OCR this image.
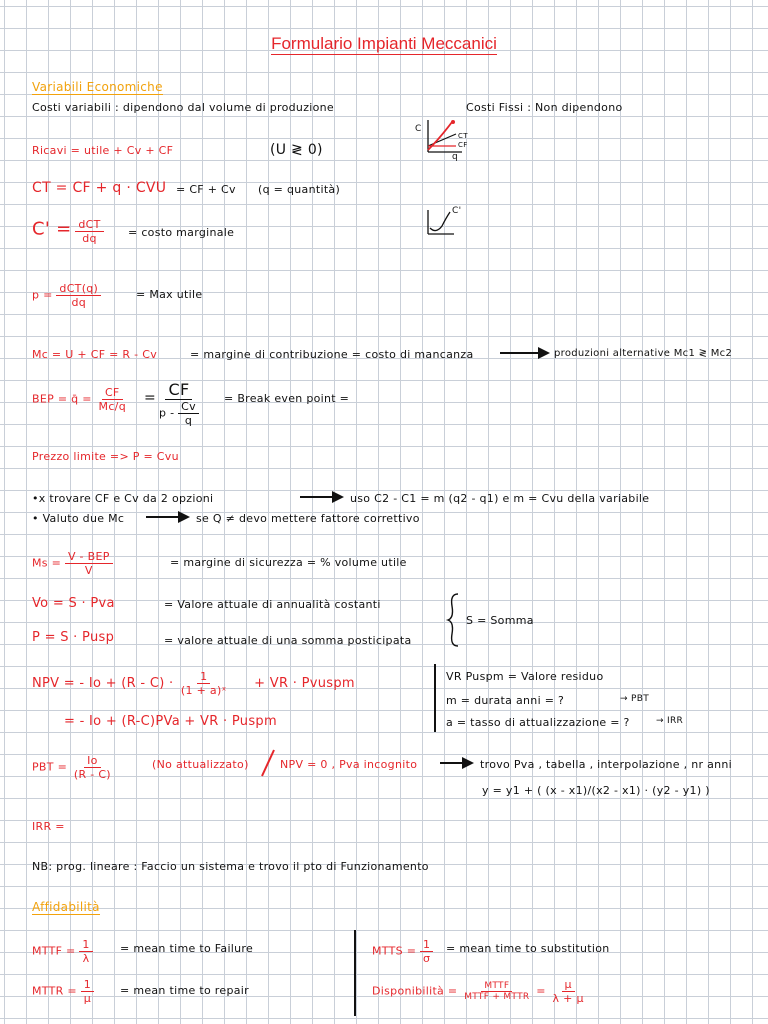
Formulario Impianti Meccanici
Variabili Economiche
Costi variabili : dipendono dal volume di produzione	Costi Fissi : Non dipendono
Ricavi = utile + Cv + CF	(U ≷ 0)
C
q
CT
CF
CT = CF + q · CVU = CF + Cv (q = quantità)
$C' = \frac{\text{dCT}}{dq}$ = costo marginale
C'
$p = \frac{\text{dCT(q)}}{dq}$	= Max utile
Mc = U + CF = R - Cv	= margine di contribuzione = costo di mancanza	produzioni alternative Mc1 ≷ Mc2
BEP = q̄ = $\frac{CF}{Mc/q} = \frac{CF}{p - \frac{Cv}{q}}$ = Break even point =
Prezzo limite => P = Cvu
•x trovare CF e Cv da 2 opzioni	uso C2 - C1 = m (q2 - q1) e m = Cvu della variabile
• Valuto due Mc	se Q ≠ devo mettere fattore correttivo
$Ms = \frac{\text{V - BEP}}{V}$	= margine di sicurezza = % volume utile
Vo = S · Pva	= Valore attuale di annualità costanti
P = S · Pusp	= valore attuale di una somma posticipata
S = Somma
NPV = - $Io + (R - C) \cdot \frac{1}{\text{(1 + a)ˣ}}$ + VR · Pvuspm
= - Io + (R-C)PVa + VR · Puspm
VR Puspm = Valore residuo
m = durata anni = ?	→ PBT
a = tasso di attualizzazione = ?	→ IRR
PBT = $\frac{Io}{(R - C)}$	(No attualizzato)	NPV = 0 , Pva incognito	trovo Pva , tabella , interpolazione , nr anni
y = y1 + ( (x - x1)/(x2 - x1) · (y2 - y1) )
IRR =
NB: prog. lineare : Faccio un sistema e trovo il pto di Funzionamento
Affidabilità
MTTF = $\frac{1}{\lambda}$ = mean time to Failure
MTTR = $\frac{1}{\mu}$ = mean time to repair
MTTS = $\frac{1}{\sigma}$ = mean time to substitution
Disponibilità = $\frac{\text{MTTF}}{\text{MTTF + MTTR}} = \frac{\mu}{\lambda + \mu}$
